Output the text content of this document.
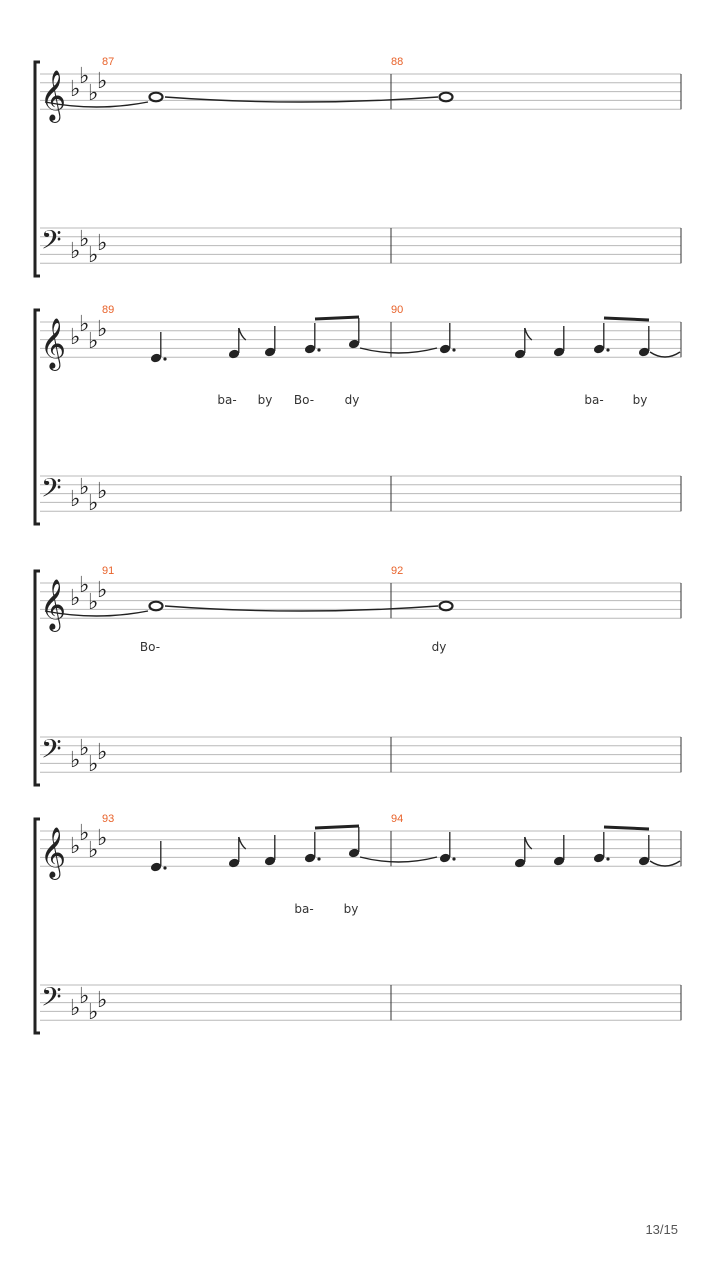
𝄞
𝄢
♭
♭
♭
♭
♭
♭
♭
♭
87	88
𝄞
𝄢
♭
♭
♭
♭
♭
♭
♭
♭
89	90
ba- by Bo-	dy	ba- by
𝄞
𝄢
♭
♭
♭
♭
♭
♭
♭
♭
91	92
Bo-	dy
𝄞
𝄢
♭
♭
♭
♭
♭
♭
♭
♭
93	94
ba- by
13/15
